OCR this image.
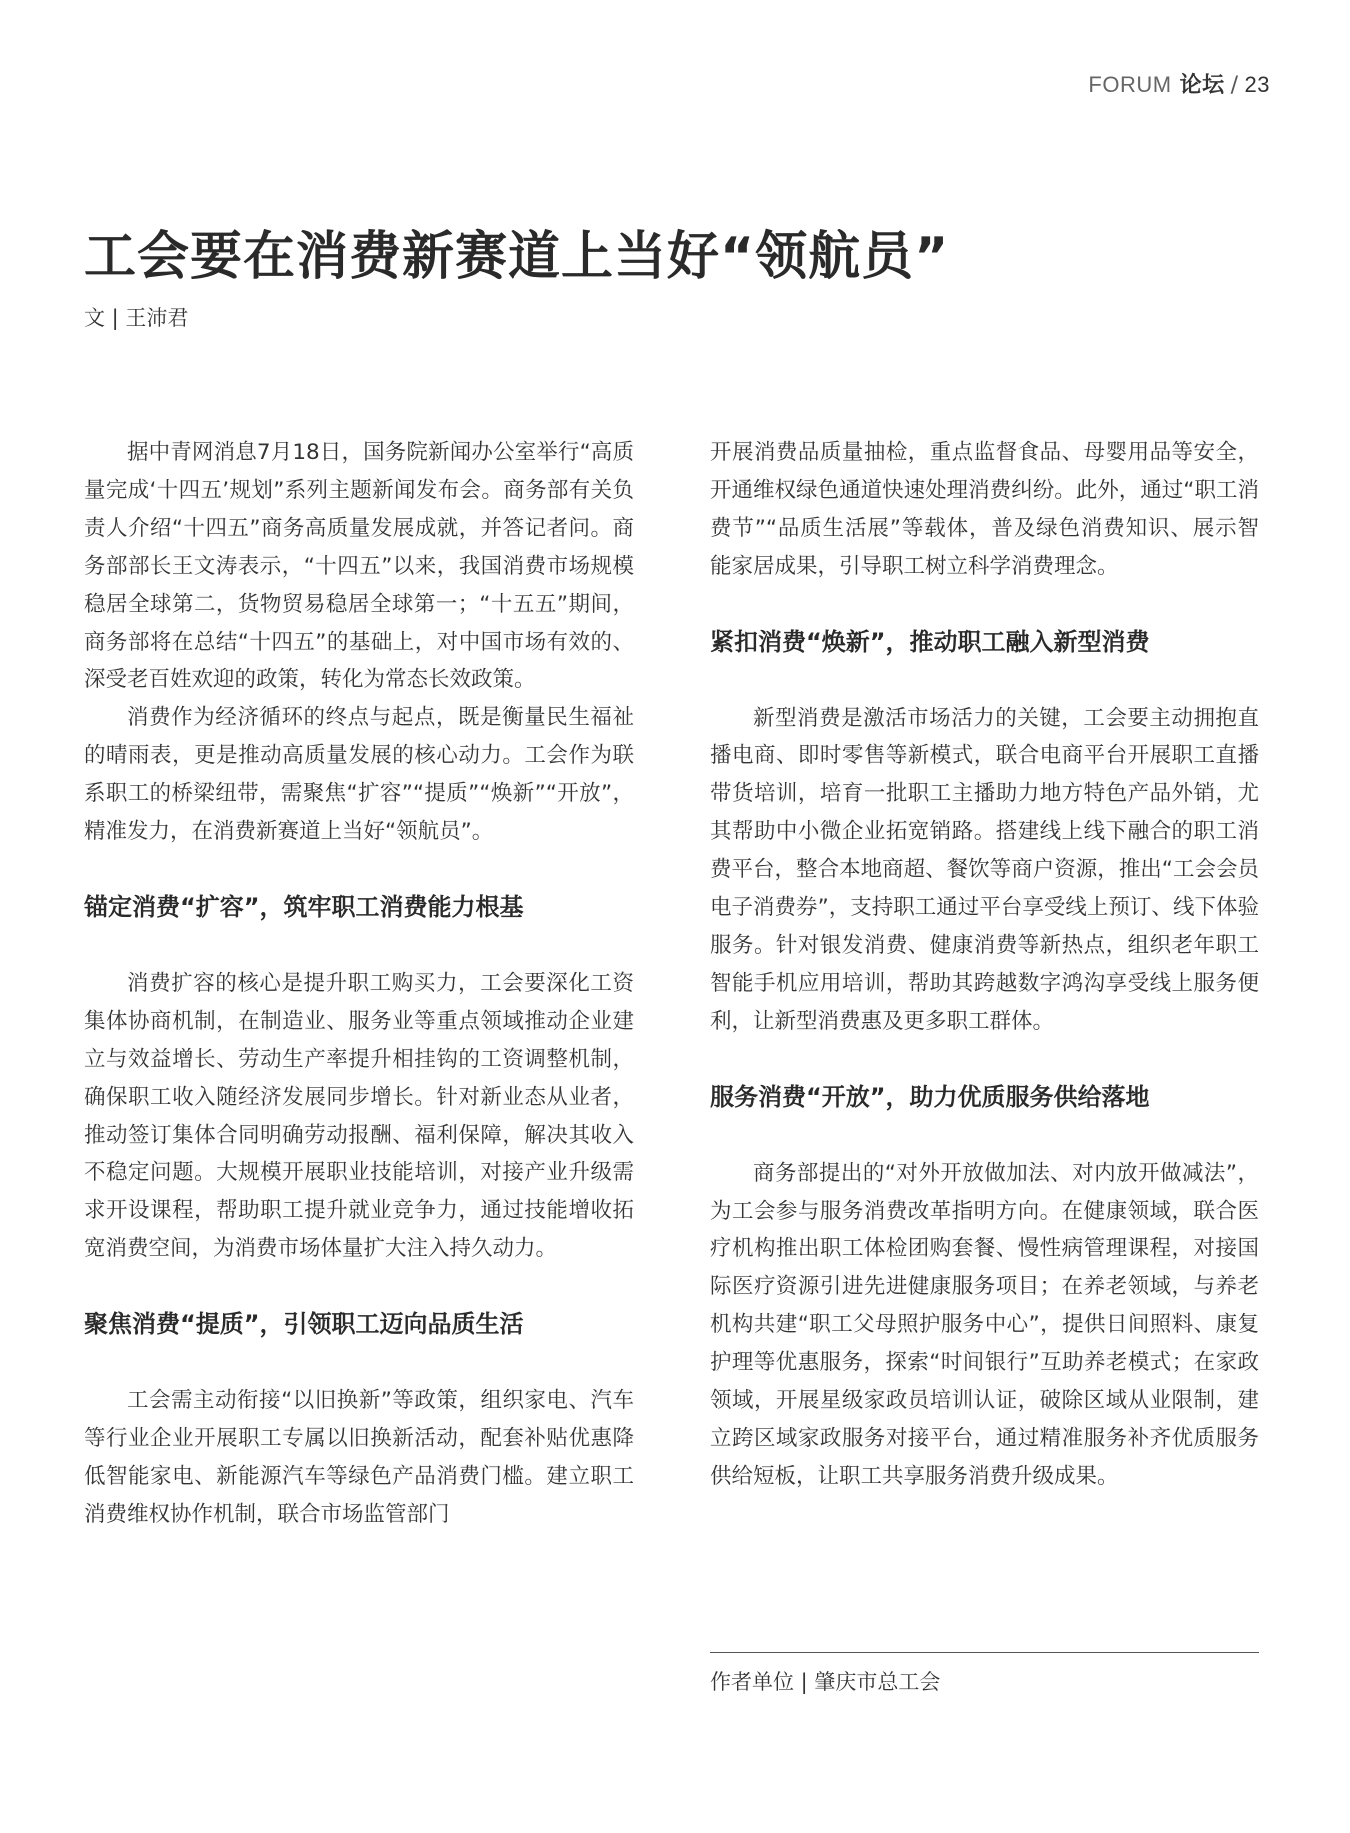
FORUM 论坛 / 23
工会要在消费新赛道上当好“领航员”
文 | 王沛君

据中青网消息7月18日，国务院新闻办公室举行“高质量完成‘十四五’规划”系列主题新闻发布会。商务部有关负责人介绍“十四五”商务高质量发展成就，并答记者问。商务部部长王文涛表示，“十四五”以来，我国消费市场规模稳居全球第二，货物贸易稳居全球第一；“十五五”期间，商务部将在总结“十四五”的基础上，对中国市场有效的、深受老百姓欢迎的政策，转化为常态长效政策。

消费作为经济循环的终点与起点，既是衡量民生福祉的晴雨表，更是推动高质量发展的核心动力。工会作为联系职工的桥梁纽带，需聚焦“扩容”“提质”“焕新”“开放”，精准发力，在消费新赛道上当好“领航员”。

锚定消费“扩容”，筑牢职工消费能力根基

消费扩容的核心是提升职工购买力，工会要深化工资集体协商机制，在制造业、服务业等重点领域推动企业建立与效益增长、劳动生产率提升相挂钩的工资调整机制，确保职工收入随经济发展同步增长。针对新业态从业者，推动签订集体合同明确劳动报酬、福利保障，解决其收入不稳定问题。大规模开展职业技能培训，对接产业升级需求开设课程，帮助职工提升就业竞争力，通过技能增收拓宽消费空间，为消费市场体量扩大注入持久动力。

聚焦消费“提质”，引领职工迈向品质生活

工会需主动衔接“以旧换新”等政策，组织家电、汽车等行业企业开展职工专属以旧换新活动，配套补贴优惠降低智能家电、新能源汽车等绿色产品消费门槛。建立职工消费维权协作机制，联合市场监管部门

开展消费品质量抽检，重点监督食品、母婴用品等安全，开通维权绿色通道快速处理消费纠纷。此外，通过“职工消费节”“品质生活展”等载体，普及绿色消费知识、展示智能家居成果，引导职工树立科学消费理念。

紧扣消费“焕新”，推动职工融入新型消费

新型消费是激活市场活力的关键，工会要主动拥抱直播电商、即时零售等新模式，联合电商平台开展职工直播带货培训，培育一批职工主播助力地方特色产品外销，尤其帮助中小微企业拓宽销路。搭建线上线下融合的职工消费平台，整合本地商超、餐饮等商户资源，推出“工会会员电子消费券”，支持职工通过平台享受线上预订、线下体验服务。针对银发消费、健康消费等新热点，组织老年职工智能手机应用培训，帮助其跨越数字鸿沟享受线上服务便利，让新型消费惠及更多职工群体。

服务消费“开放”，助力优质服务供给落地

商务部提出的“对外开放做加法、对内放开做减法”，为工会参与服务消费改革指明方向。在健康领域，联合医疗机构推出职工体检团购套餐、慢性病管理课程，对接国际医疗资源引进先进健康服务项目；在养老领域，与养老机构共建“职工父母照护服务中心”，提供日间照料、康复护理等优惠服务，探索“时间银行”互助养老模式；在家政领域，开展星级家政员培训认证，破除区域从业限制，建立跨区域家政服务对接平台，通过精准服务补齐优质服务供给短板，让职工共享服务消费升级成果。

作者单位 | 肇庆市总工会
